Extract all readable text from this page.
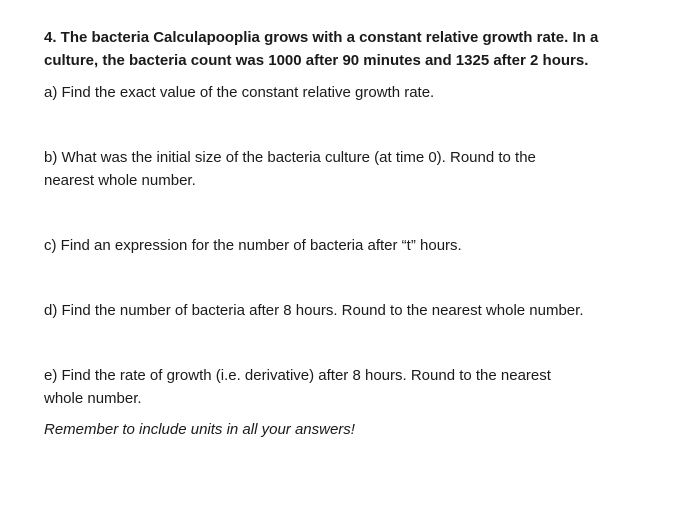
4. The bacteria Calculapooplia grows with a constant relative growth rate. In a
culture, the bacteria count was 1000 after 90 minutes and 1325 after 2 hours.

a) Find the exact value of the constant relative growth rate.

b) What was the initial size of the bacteria culture (at time 0). Round to the
nearest whole number.

c) Find an expression for the number of bacteria after “t” hours.

d) Find the number of bacteria after 8 hours. Round to the nearest whole number.

e) Find the rate of growth (i.e. derivative) after 8 hours. Round to the nearest
whole number.

Remember to include units in all your answers!
